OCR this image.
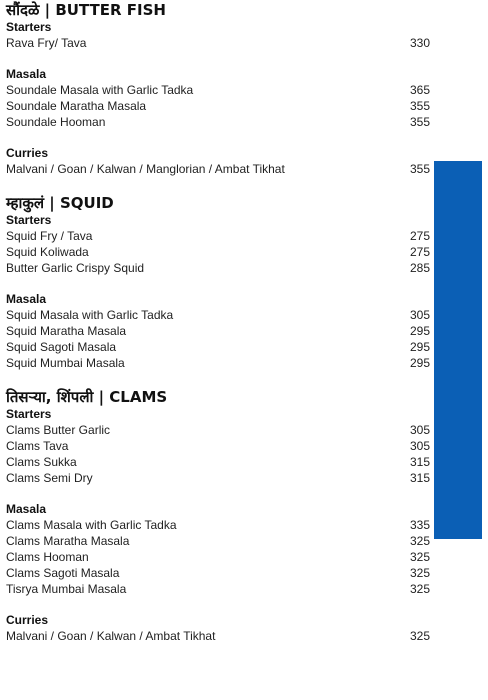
सौंदळे | BUTTER FISH
Starters
Rava Fry/ Tava	330
Masala
Soundale Masala with Garlic Tadka	365
Soundale Maratha Masala	355
Soundale Hooman	355
Curries
Malvani / Goan / Kalwan / Manglorian / Ambat Tikhat	355
म्हाकुलं | SQUID
Starters
Squid Fry / Tava	275
Squid Koliwada	275
Butter Garlic Crispy Squid	285
Masala
Squid Masala with Garlic Tadka	305
Squid Maratha Masala	295
Squid Sagoti Masala	295
Squid Mumbai Masala	295
तिसऱ्या, शिंपली | CLAMS
Starters
Clams Butter Garlic	305
Clams Tava	305
Clams Sukka	315
Clams Semi Dry	315
Masala
Clams Masala with Garlic Tadka	335
Clams Maratha Masala	325
Clams Hooman	325
Clams Sagoti Masala	325
Tisrya Mumbai Masala	325
Curries
Malvani / Goan / Kalwan / Ambat Tikhat	325
